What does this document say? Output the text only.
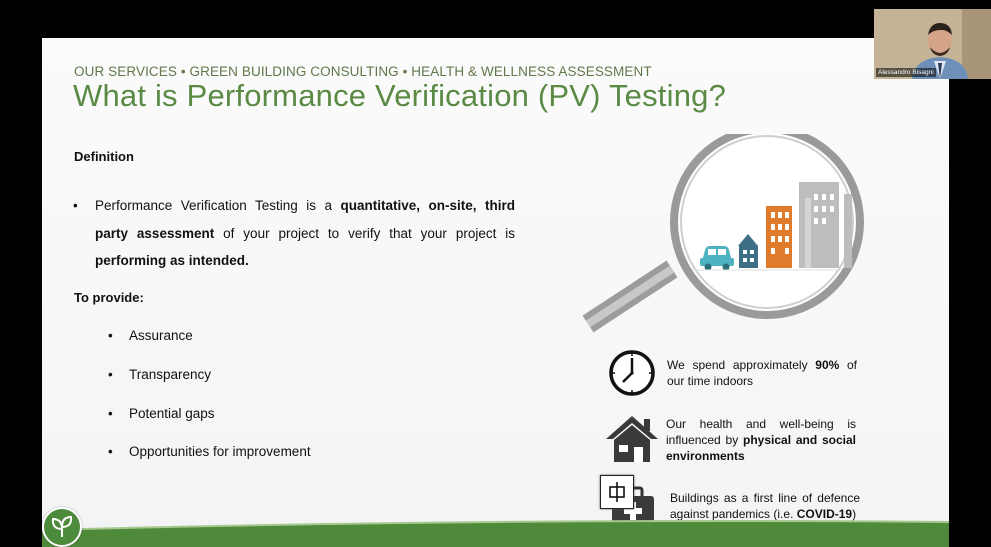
OUR SERVICES • GREEN BUILDING CONSULTING • HEALTH & WELLNESS ASSESSMENT
What is Performance Verification (PV) Testing?
Definition
• Performance Verification Testing is a quantitative, on-site, third party assessment of your project to verify that your project is performing as intended.
To provide:
• Assurance
• Transparency
• Potential gaps
• Opportunities for improvement
We spend approximately 90% of our time indoors
Our health and well-being is influenced by physical and social environments
Buildings as a first line of defence against pandemics (i.e. COVID-19)
Alessandro Bisagni
